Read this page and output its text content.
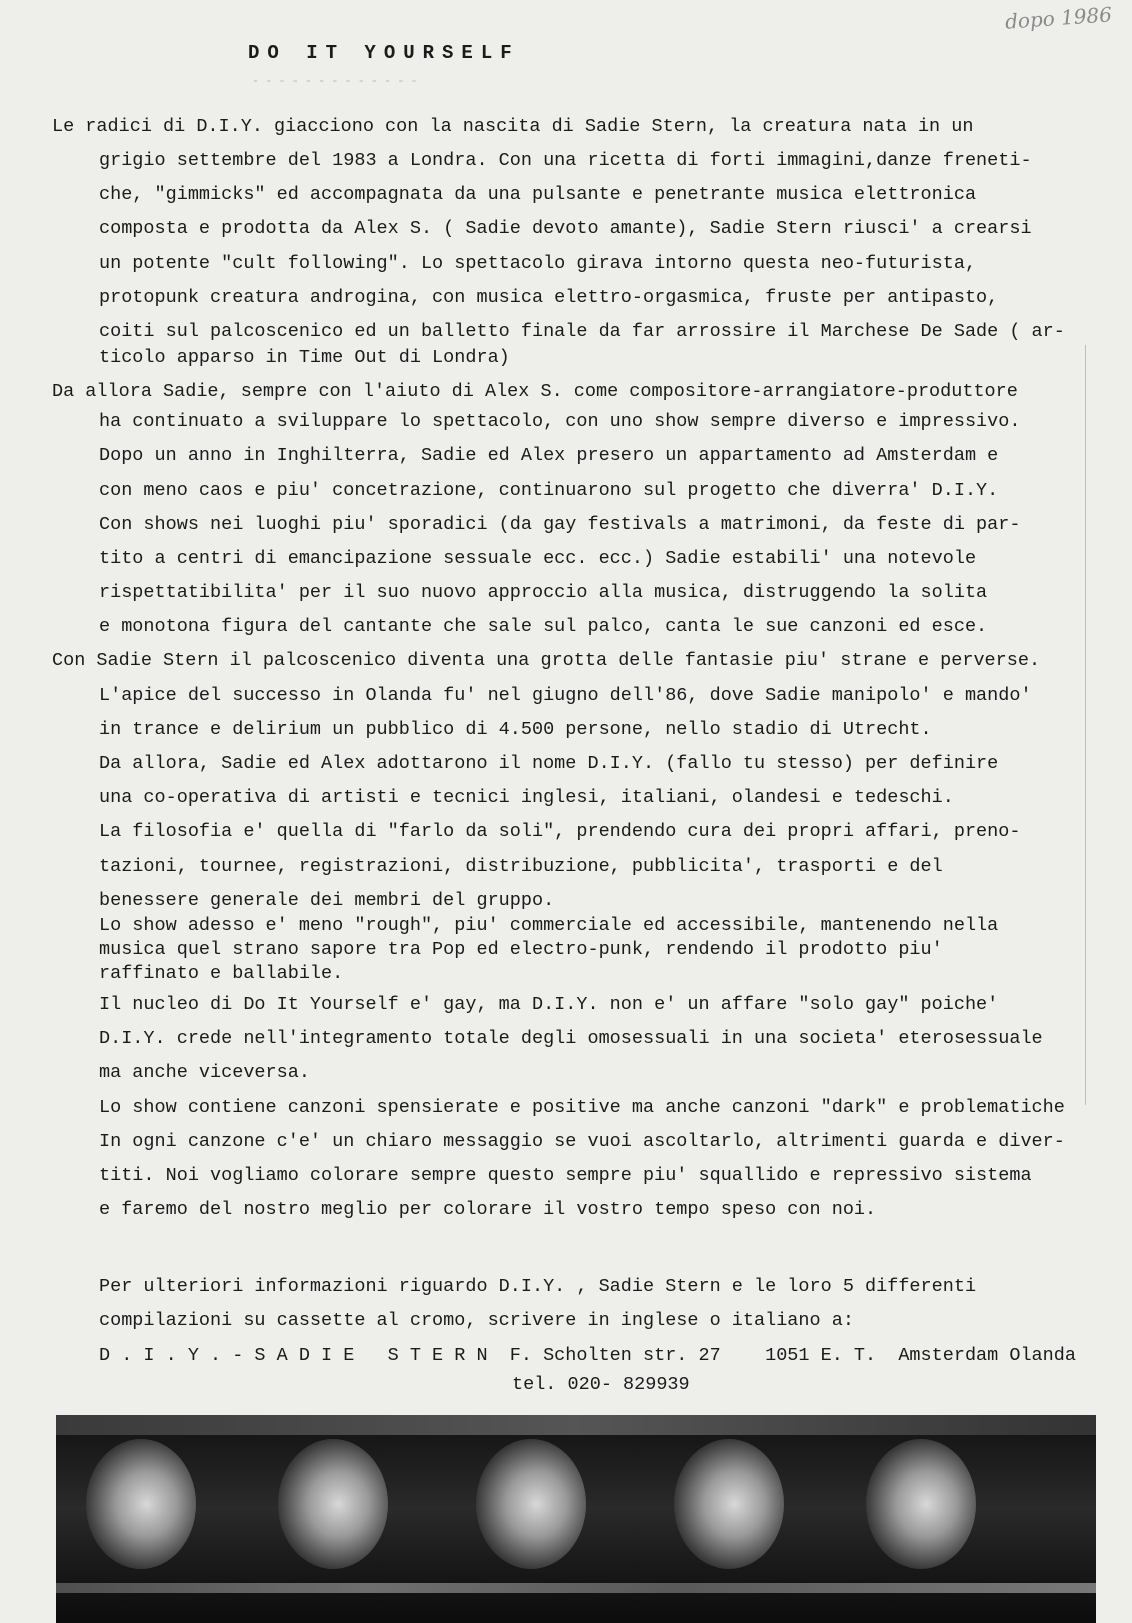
dopo 1986
DO IT YOURSELF
-------------
Le radici di D.I.Y. giacciono con la nascita di Sadie Stern, la creatura nata in un
grigio settembre del 1983 a Londra. Con una ricetta di forti immagini,danze freneti-
che, "gimmicks" ed accompagnata da una pulsante e penetrante musica elettronica
composta e prodotta da Alex S. ( Sadie devoto amante), Sadie Stern riusci' a crearsi
un potente "cult following". Lo spettacolo girava intorno questa neo-futurista,
protopunk creatura androgina, con musica elettro-orgasmica, fruste per antipasto,
coiti sul palcoscenico ed un balletto finale da far arrossire il Marchese De Sade ( ar-
ticolo apparso in Time Out di Londra)
Da allora Sadie, sempre con l'aiuto di Alex S. come compositore-arrangiatore-produttore
ha continuato a sviluppare lo spettacolo, con uno show sempre diverso e impressivo.
Dopo un anno in Inghilterra, Sadie ed Alex presero un appartamento ad Amsterdam e
con meno caos e piu' concetrazione, continuarono sul progetto che diverra' D.I.Y.
Con shows nei luoghi piu' sporadici (da gay festivals a matrimoni, da feste di par-
tito a centri di emancipazione sessuale ecc. ecc.) Sadie estabili' una notevole
rispettatibilita' per il suo nuovo approccio alla musica, distruggendo la solita
e monotona figura del cantante che sale sul palco, canta le sue canzoni ed esce.
Con Sadie Stern il palcoscenico diventa una grotta delle fantasie piu' strane e perverse.
L'apice del successo in Olanda fu' nel giugno dell'86, dove Sadie manipolo' e mando'
in trance e delirium un pubblico di 4.500 persone, nello stadio di Utrecht.
Da allora, Sadie ed Alex adottarono il nome D.I.Y. (fallo tu stesso) per definire
una co-operativa di artisti e tecnici inglesi, italiani, olandesi e tedeschi.
La filosofia e' quella di "farlo da soli", prendendo cura dei propri affari, preno-
tazioni, tournee, registrazioni, distribuzione, pubblicita', trasporti e del
benessere generale dei membri del gruppo.
Lo show adesso e' meno "rough", piu' commerciale ed accessibile, mantenendo nella
musica quel strano sapore tra Pop ed electro-punk, rendendo il prodotto piu'
raffinato e ballabile.
Il nucleo di Do It Yourself e' gay, ma D.I.Y. non e' un affare "solo gay" poiche'
D.I.Y. crede nell'integramento totale degli omosessuali in una societa' eterosessuale
ma anche viceversa.
Lo show contiene canzoni spensierate e positive ma anche canzoni "dark" e problematiche
In ogni canzone c'e' un chiaro messaggio se vuoi ascoltarlo, altrimenti guarda e diver-
titi. Noi vogliamo colorare sempre questo sempre piu' squallido e repressivo sistema
e faremo del nostro meglio per colorare il vostro tempo speso con noi.
Per ulteriori informazioni riguardo D.I.Y. , Sadie Stern e le loro 5 differenti
compilazioni su cassette al cromo, scrivere in inglese o italiano a:
D . I . Y . - S A D I E   S T E R N  F. Scholten str. 27    1051 E. T.  Amsterdam Olanda
tel. 020- 829939
